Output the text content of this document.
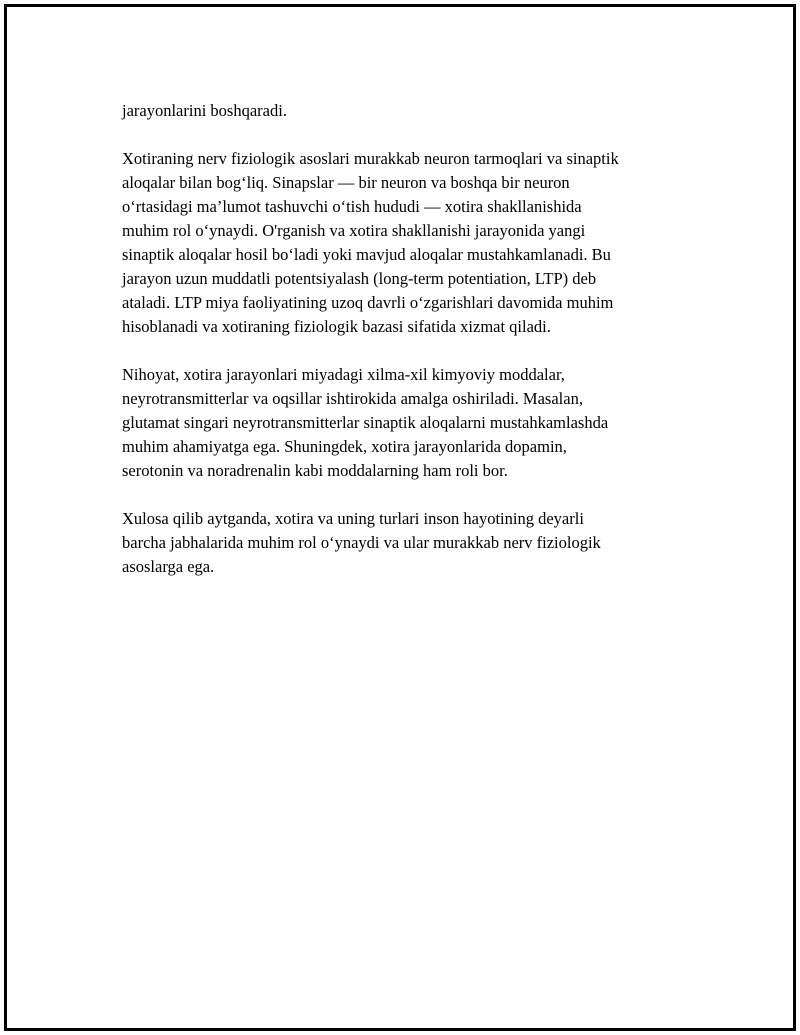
jarayonlarini boshqaradi.

Xotiraning nerv fiziologik asoslari murakkab neuron tarmoqlari va sinaptik
aloqalar bilan bog‘liq. Sinapslar — bir neuron va boshqa bir neuron
o‘rtasidagi ma’lumot tashuvchi o‘tish hududi — xotira shakllanishida
muhim rol o‘ynaydi. O'rganish va xotira shakllanishi jarayonida yangi
sinaptik aloqalar hosil bo‘ladi yoki mavjud aloqalar mustahkamlanadi. Bu
jarayon uzun muddatli potentsiyalash (long-term potentiation, LTP) deb
ataladi. LTP miya faoliyatining uzoq davrli o‘zgarishlari davomida muhim
hisoblanadi va xotiraning fiziologik bazasi sifatida xizmat qiladi.

Nihoyat, xotira jarayonlari miyadagi xilma-xil kimyoviy moddalar,
neyrotransmitterlar va oqsillar ishtirokida amalga oshiriladi. Masalan,
glutamat singari neyrotransmitterlar sinaptik aloqalarni mustahkamlashda
muhim ahamiyatga ega. Shuningdek, xotira jarayonlarida dopamin,
serotonin va noradrenalin kabi moddalarning ham roli bor.

Xulosa qilib aytganda, xotira va uning turlari inson hayotining deyarli
barcha jabhalarida muhim rol o‘ynaydi va ular murakkab nerv fiziologik
asoslarga ega.
